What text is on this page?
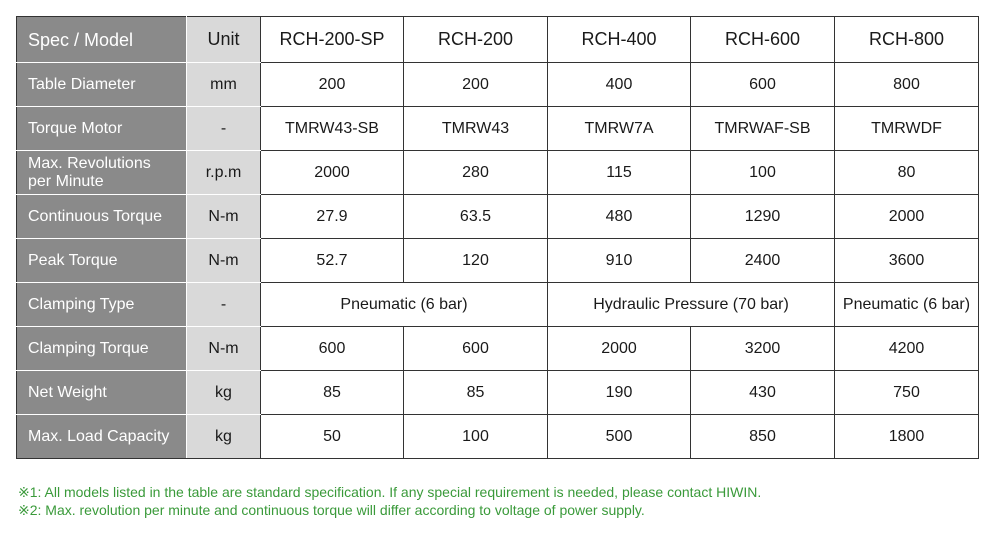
Spec / Model	Unit	RCH-200-SP	RCH-200	RCH-400	RCH-600	RCH-800
Table Diameter	mm	200	200	400	600	800
Torque Motor	-	TMRW43-SB	TMRW43	TMRW7A	TMRWAF-SB	TMRWDF

Max. Revolutions
per Minute	r.p.m	2000	280	115	100	80
Continuous Torque	N-m	27.9	63.5	480	1290	2000
Peak Torque	N-m	52.7	120	910	2400	3600
Clamping Type	-	Pneumatic (6 bar)		Hydraulic Pressure (70 bar)		Pneumatic (6 bar)
Clamping Torque	N-m	600	600	2000	3200	4200
Net Weight	kg	85	85	190	430	750
Max. Load Capacity	kg	50	100	500	850	1800
※1: All models listed in the table are standard specification. If any special requirement is needed, please contact HIWIN.
※2: Max. revolution per minute and continuous torque will differ according to voltage of power supply.
